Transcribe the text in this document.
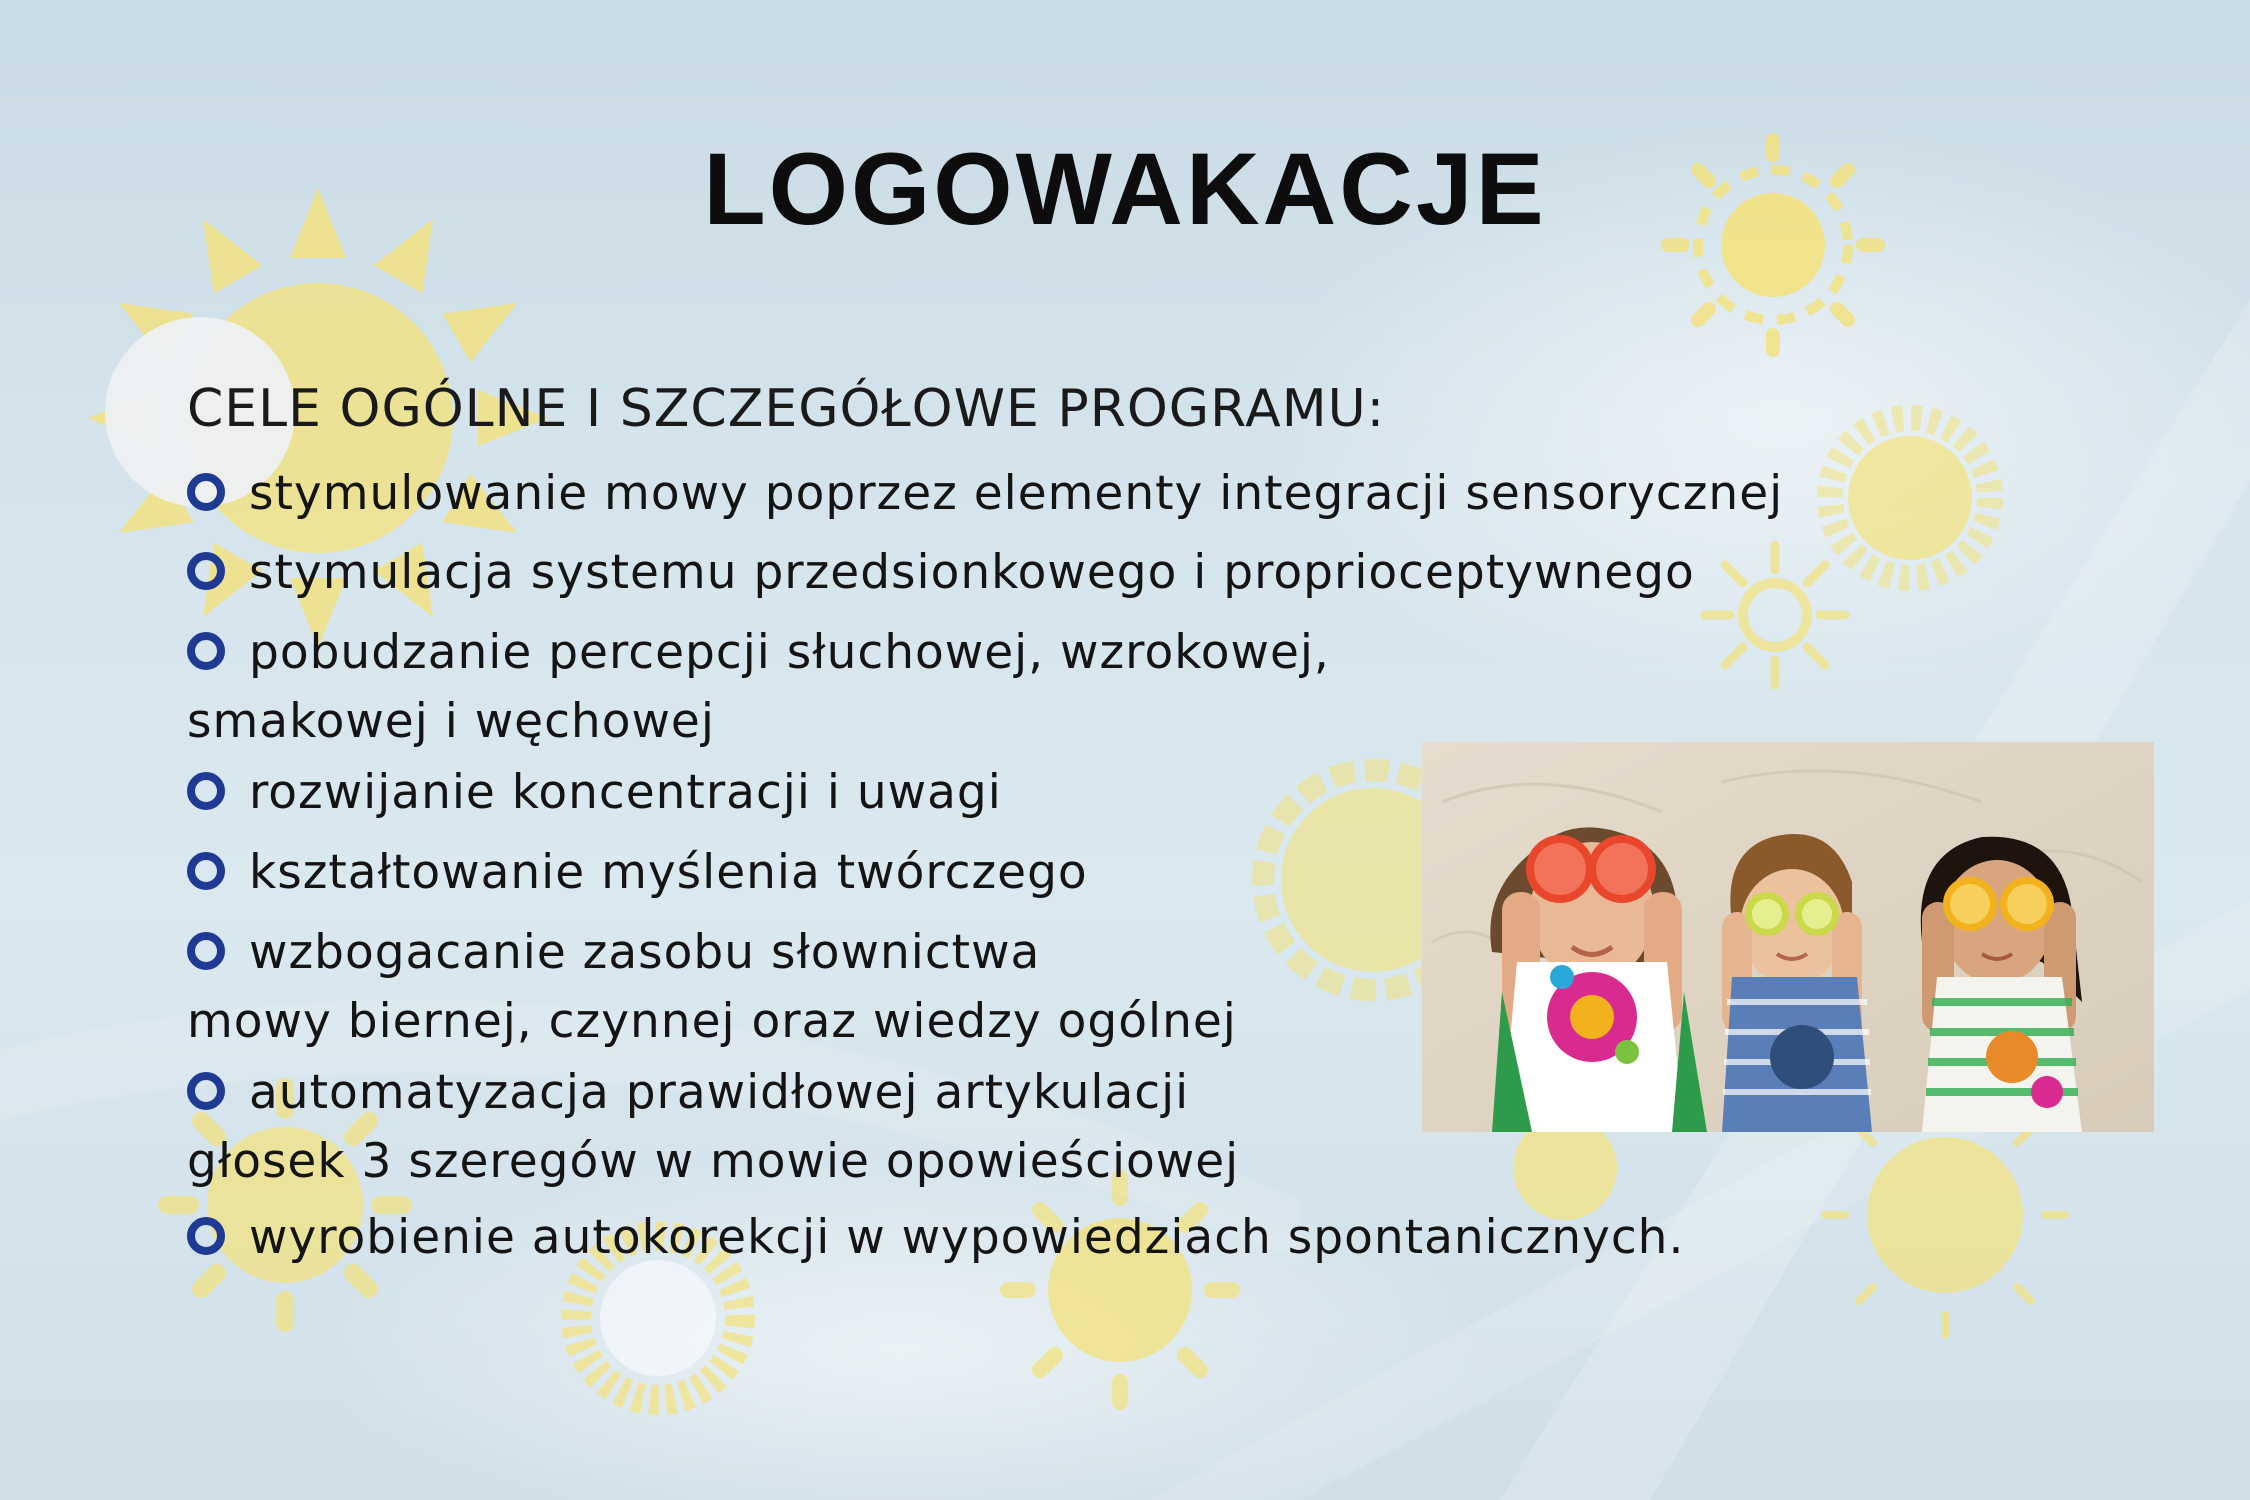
LOGOWAKACJE
CELE OGÓLNE I SZCZEGÓŁOWE PROGRAMU:
stymulowanie mowy poprzez elementy integracji sensorycznej
stymulacja systemu przedsionkowego i proprioceptywnego
pobudzanie percepcji słuchowej, wzrokowej,
smakowej i węchowej
rozwijanie koncentracji i uwagi
kształtowanie myślenia twórczego
wzbogacanie zasobu słownictwa
mowy biernej, czynnej oraz wiedzy ogólnej
automatyzacja prawidłowej artykulacji
głosek 3 szeregów w mowie opowieściowej
wyrobienie autokorekcji w wypowiedziach spontanicznych.
